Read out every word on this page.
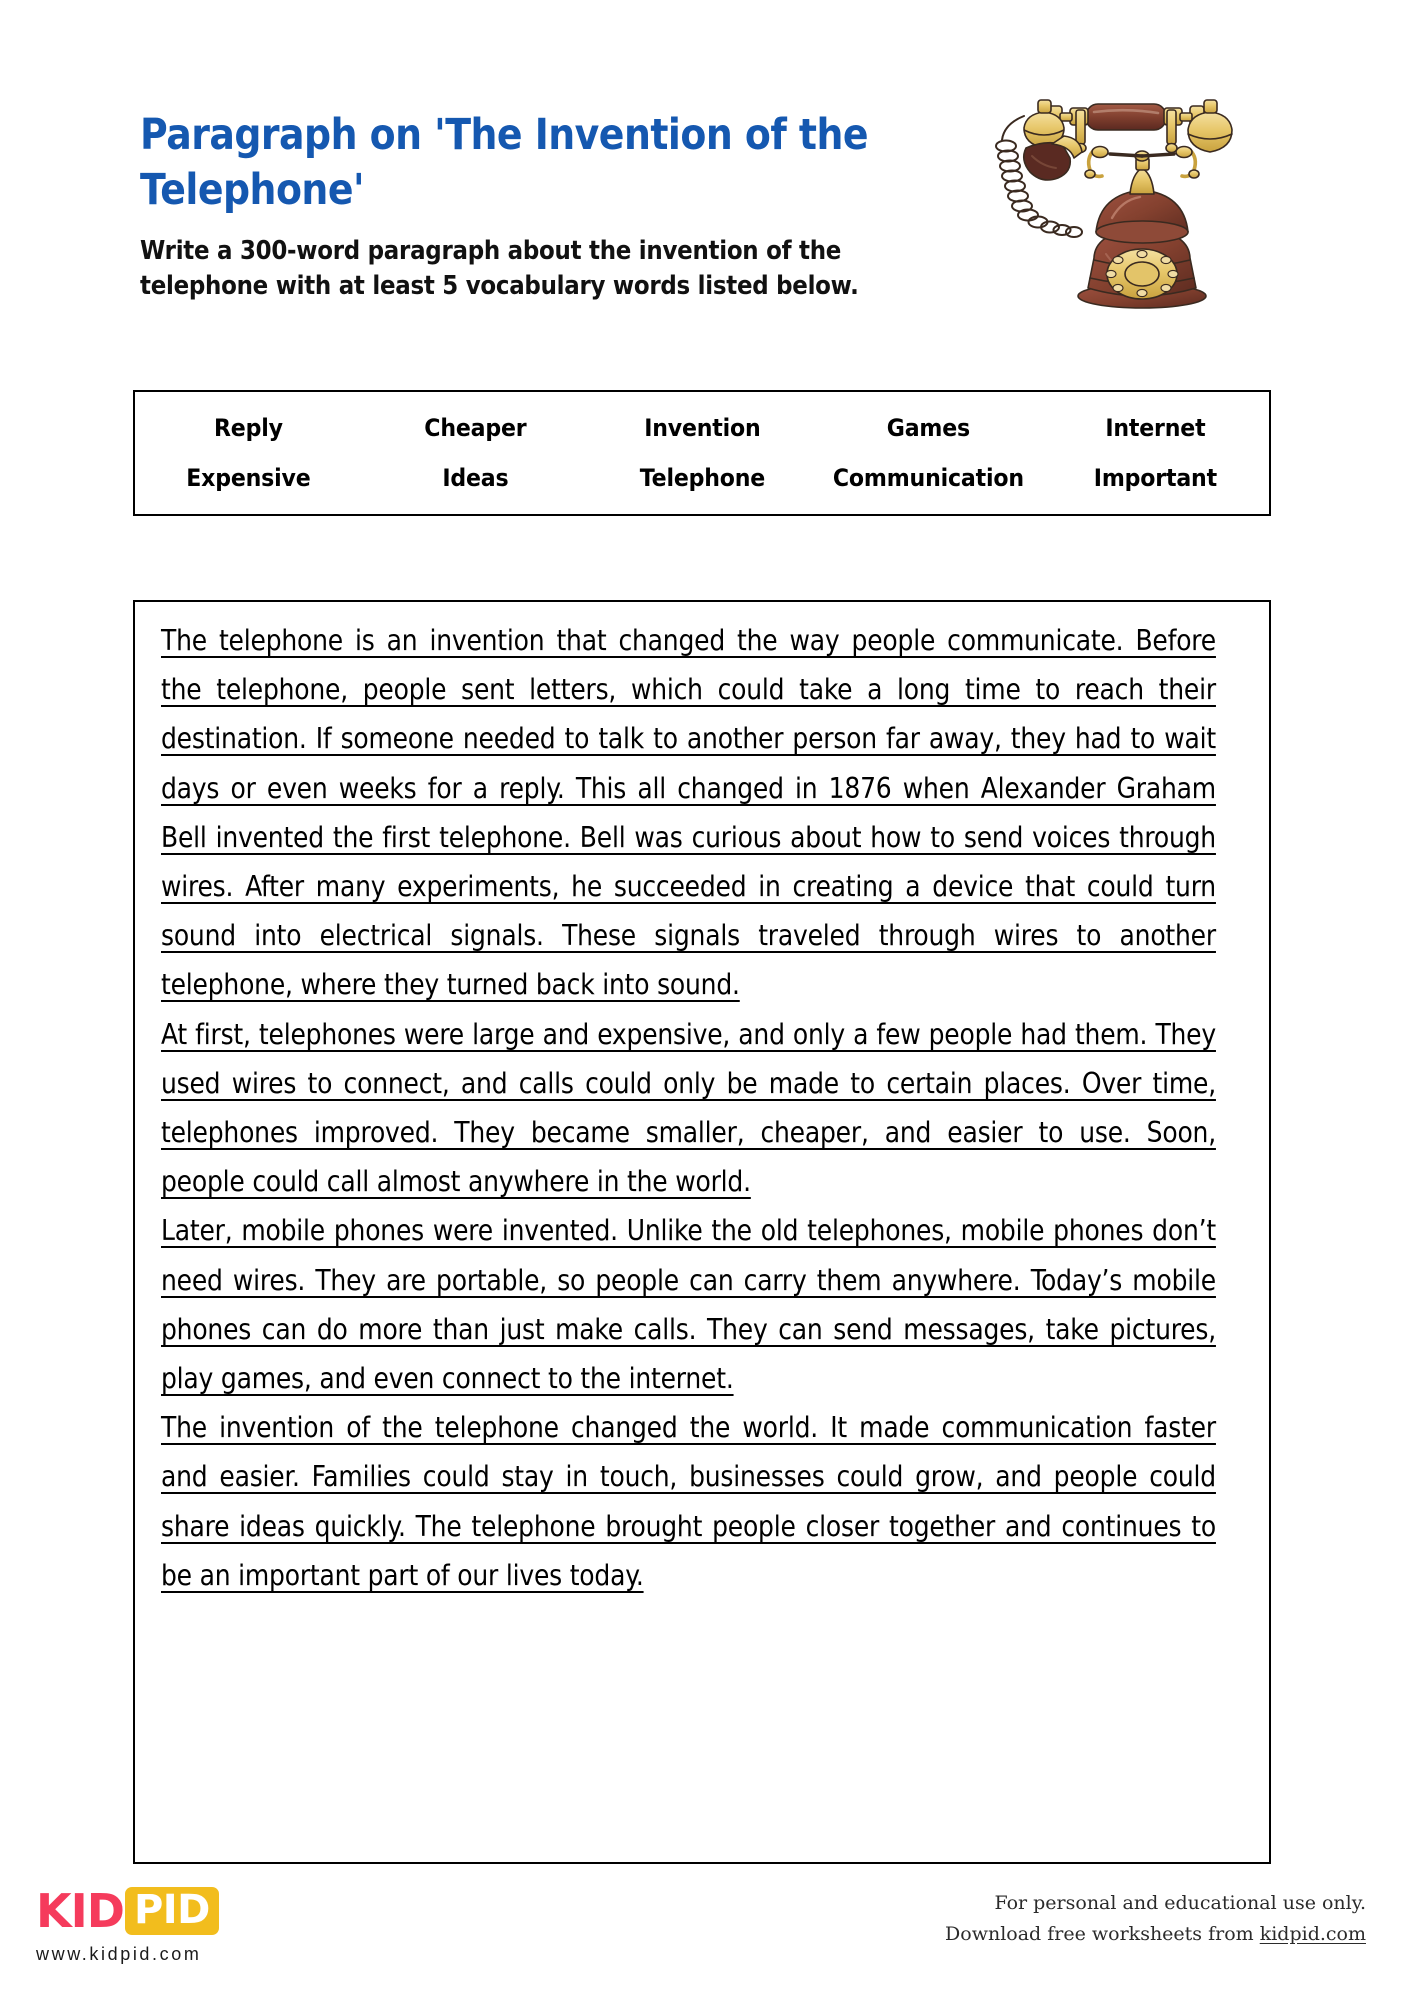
Paragraph on 'The Invention of the Telephone'

Write a 300-word paragraph about the invention of the telephone with at least 5 vocabulary words listed below.

Reply	Cheaper	Invention	Games	Internet
Expensive	Ideas	Telephone	Communication	Important

The telephone is an invention that changed the way people communicate. Before the telephone, people sent letters, which could take a long time to reach their destination. If someone needed to talk to another person far away, they had to wait days or even weeks for a reply. This all changed in 1876 when Alexander Graham Bell invented the first telephone. Bell was curious about how to send voices through wires. After many experiments, he succeeded in creating a device that could turn sound into electrical signals. These signals traveled through wires to another telephone, where they turned back into sound.

At first, telephones were large and expensive, and only a few people had them. They used wires to connect, and calls could only be made to certain places. Over time, telephones improved. They became smaller, cheaper, and easier to use. Soon, people could call almost anywhere in the world.

Later, mobile phones were invented. Unlike the old telephones, mobile phones don’t need wires. They are portable, so people can carry them anywhere. Today’s mobile phones can do more than just make calls. They can send messages, take pictures, play games, and even connect to the internet.

The invention of the telephone changed the world. It made communication faster and easier. Families could stay in touch, businesses could grow, and people could share ideas quickly. The telephone brought people closer together and continues to be an important part of our lives today.

KID PID
www.kidpid.com
For personal and educational use only.
Download free worksheets from kidpid.com
